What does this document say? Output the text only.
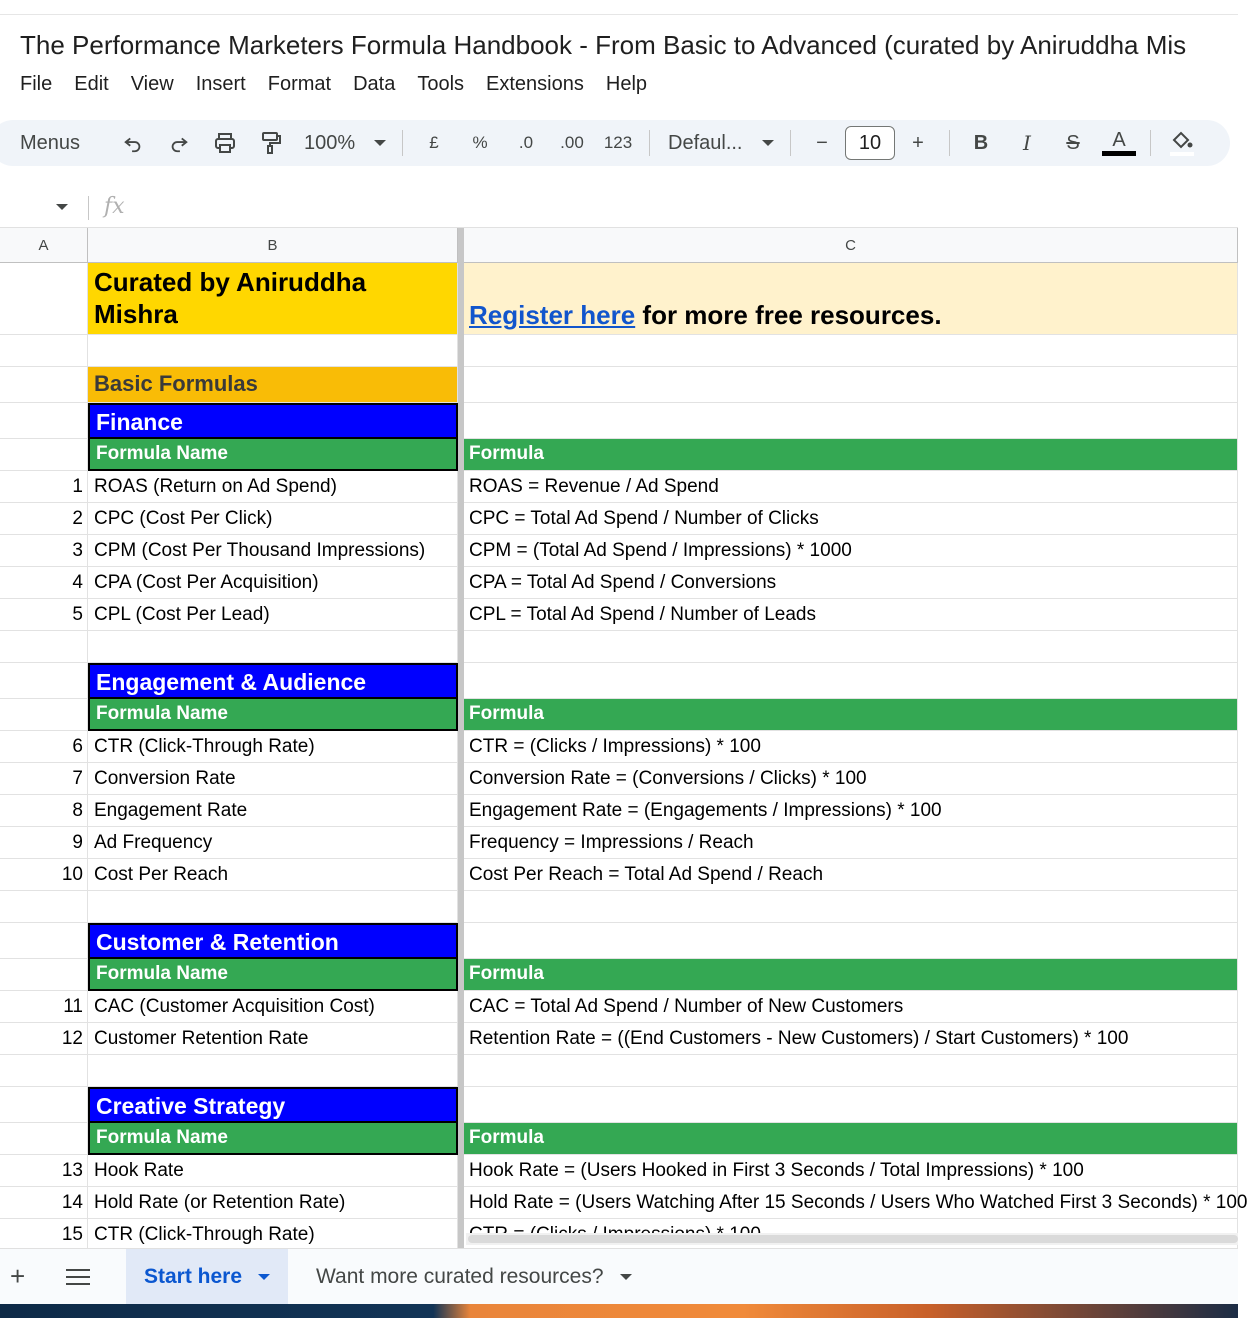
The Performance Marketers Formula Handbook - From Basic to Advanced (curated by Aniruddha Mis
File	Edit	View	Insert	Format	Data	Tools	Extensions	Help
Menus	100%	£	%	.0 .00	123	Defaul...	−	10	+	B	I	S	A
fx
A	B	C
Curated by Aniruddha Mishra	Register here for more free resources.
Basic Formulas
Finance
Formula Name	Formula
1 ROAS (Return on Ad Spend)	ROAS = Revenue / Ad Spend
2 CPC (Cost Per Click)	CPC = Total Ad Spend / Number of Clicks
3 CPM (Cost Per Thousand Impressions)	CPM = (Total Ad Spend / Impressions) * 1000
4 CPA (Cost Per Acquisition)	CPA = Total Ad Spend / Conversions
5 CPL (Cost Per Lead)	CPL = Total Ad Spend / Number of Leads
Engagement & Audience
Formula Name	Formula
6 CTR (Click-Through Rate)	CTR = (Clicks / Impressions) * 100
7 Conversion Rate	Conversion Rate = (Conversions / Clicks) * 100
8 Engagement Rate	Engagement Rate = (Engagements / Impressions) * 100
9 Ad Frequency	Frequency = Impressions / Reach
10 Cost Per Reach	Cost Per Reach = Total Ad Spend / Reach
Customer & Retention
Formula Name	Formula
11 CAC (Customer Acquisition Cost)	CAC = Total Ad Spend / Number of New Customers
12 Customer Retention Rate	Retention Rate = ((End Customers - New Customers) / Start Customers) * 100
Creative Strategy
Formula Name	Formula
13 Hook Rate	Hook Rate = (Users Hooked in First 3 Seconds / Total Impressions) * 100
14 Hold Rate (or Retention Rate)	Hold Rate = (Users Watching After 15 Seconds / Users Who Watched First 3 Seconds) * 100
15 CTR (Click-Through Rate)
+	Start here	Want more curated resources?
